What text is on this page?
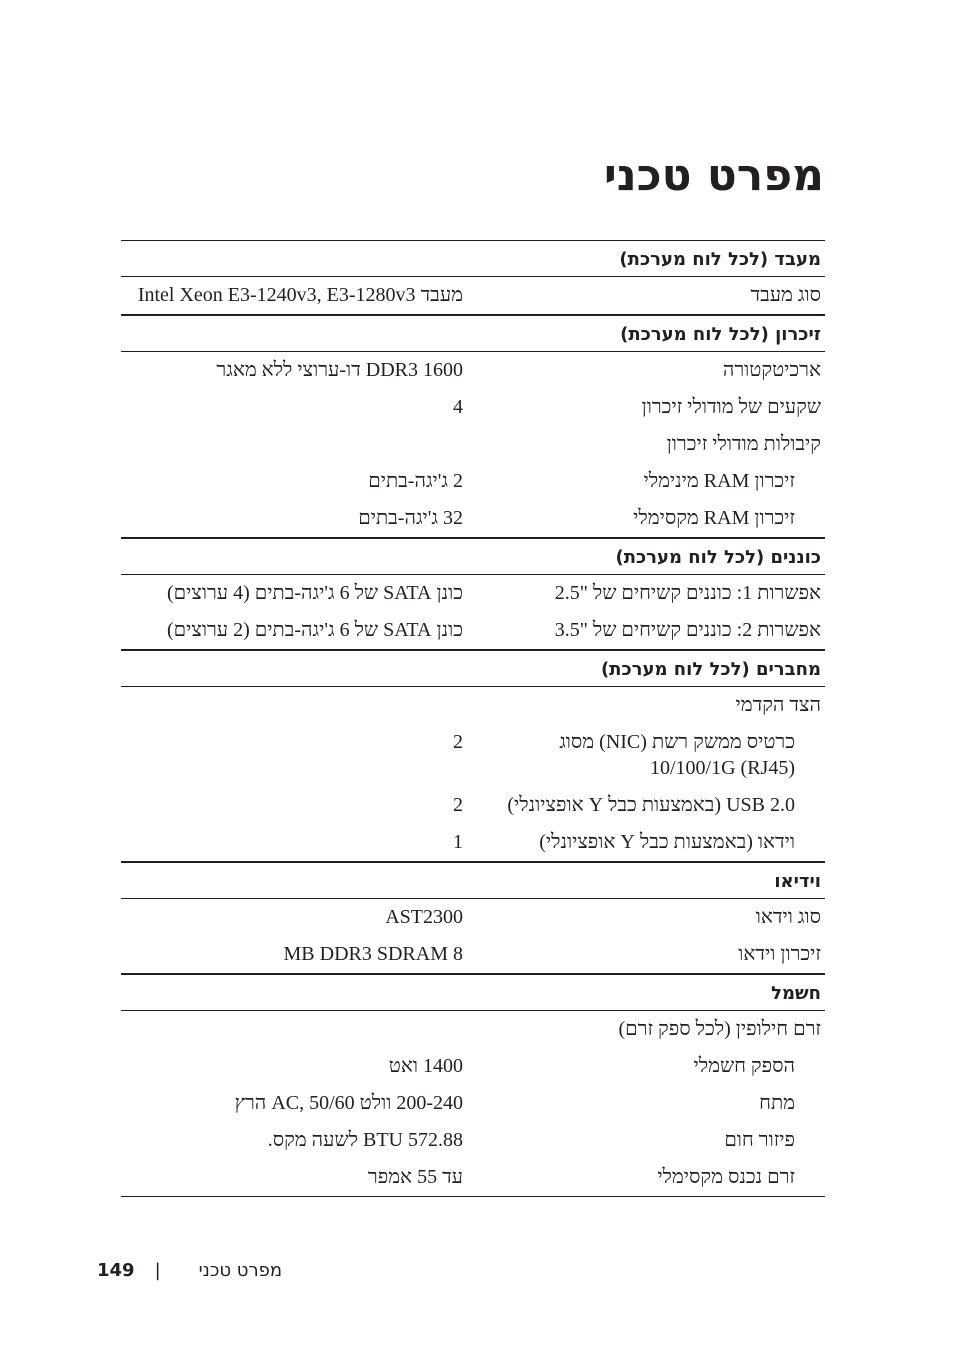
מפרט טכני
מעבד (לכל לוח מערכת)
סוג מעבד
מעבד Intel Xeon E3-1240v3, E3-1280v3
זיכרון (לכל לוח מערכת)
ארכיטקטורה
DDR3 1600 דו-ערוצי ללא מאגר
שקעים של מודולי זיכרון
4
קיבולות מודולי זיכרון
זיכרון RAM מינימלי
2 ג'יגה-בתים
זיכרון RAM מקסימלי
32 ג'יגה-בתים
כוננים (לכל לוח מערכת)
אפשרות 1: כוננים קשיחים של "2.5
כונן SATA של 6 ג'יגה-בתים (4 ערוצים)
אפשרות 2: כוננים קשיחים של "3.5
כונן SATA של 6 ג'יגה-בתים (2 ערוצים)
מחברים (לכל לוח מערכת)
הצד הקדמי
כרטיס ממשק רשת (NIC) מסוג 10/100/1G (RJ45)
2
USB 2.0 (באמצעות כבל Y אופציונלי)
2
וידאו (באמצעות כבל Y אופציונלי)
1
וידיאו
סוג וידאו
AST2300
זיכרון וידאו
8 MB DDR3 SDRAM
חשמל
זרם חילופין (לכל ספק זרם)
הספק חשמלי
1400 ואט
מתח
200-240 וולט AC, 50/60 הרץ
פיזור חום
BTU 572.88 לשעה מקס.
זרם נכנס מקסימלי
עד 55 אמפר
149 | מפרט טכני
